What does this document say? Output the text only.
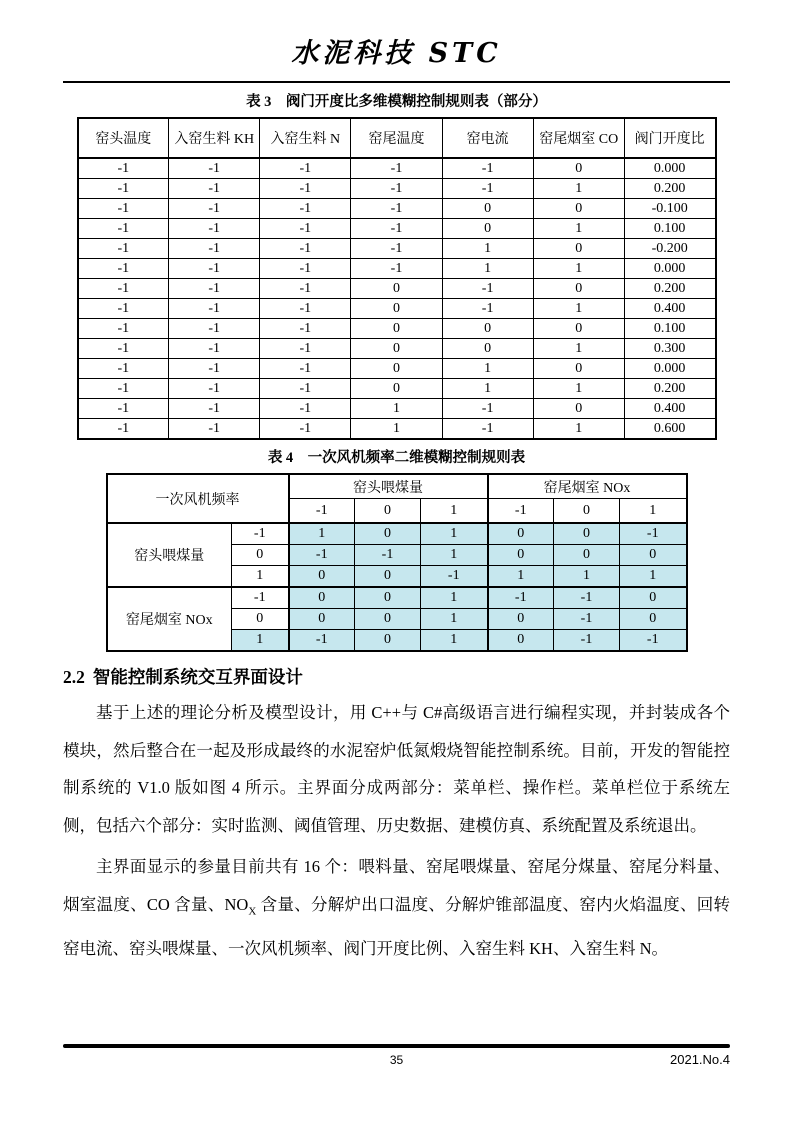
水泥科技 STC
表 3　阀门开度比多维模糊控制规则表（部分）
窑头温度	入窑生料 KH	入窑生料 N	窑尾温度	窑电流	窑尾烟室 CO	阀门开度比
-1	-1	-1	-1	-1	0	0.000
-1	-1	-1	-1	-1	1	0.200
-1	-1	-1	-1	0	0	-0.100
-1	-1	-1	-1	0	1	0.100
-1	-1	-1	-1	1	0	-0.200
-1	-1	-1	-1	1	1	0.000
-1	-1	-1	0	-1	0	0.200
-1	-1	-1	0	-1	1	0.400
-1	-1	-1	0	0	0	0.100
-1	-1	-1	0	0	1	0.300
-1	-1	-1	0	1	0	0.000
-1	-1	-1	0	1	1	0.200
-1	-1	-1	1	-1	0	0.400
-1	-1	-1	1	-1	1	0.600
表 4　一次风机频率二维模糊控制规则表
一次风机频率		窑头喂煤量			窑尾烟室 NOx		
		-1	0	1	-1	0	1
窑头喂煤量	-1	1	0	1	0	0	-1
	0	-1	-1	1	0	0	0
	1	0	0	-1	1	1	1
窑尾烟室 NOx	-1	0	0	1	-1	-1	0
	0	0	0	1	0	-1	0
	1	-1	0	1	0	-1	-1
2.2 智能控制系统交互界面设计

基于上述的理论分析及模型设计，用 C++与 C#高级语言进行编程实现，并封装成各个模块，然后整合在一起及形成最终的水泥窑炉低氮煅烧智能控制系统。目前，开发的智能控制系统的 V1.0 版如图 4 所示。主界面分成两部分：菜单栏、操作栏。菜单栏位于系统左侧，包括六个部分：实时监测、阈值管理、历史数据、建模仿真、系统配置及系统退出。

主界面显示的参量目前共有 16 个：喂料量、窑尾喂煤量、窑尾分煤量、窑尾分料量、烟室温度、CO 含量、$NO_X$ 含量、分解炉出口温度、分解炉锥部温度、窑内火焰温度、回转窑电流、窑头喂煤量、一次风机频率、阀门开度比例、入窑生料 KH、入窑生料 N。

35	2021.No.4
